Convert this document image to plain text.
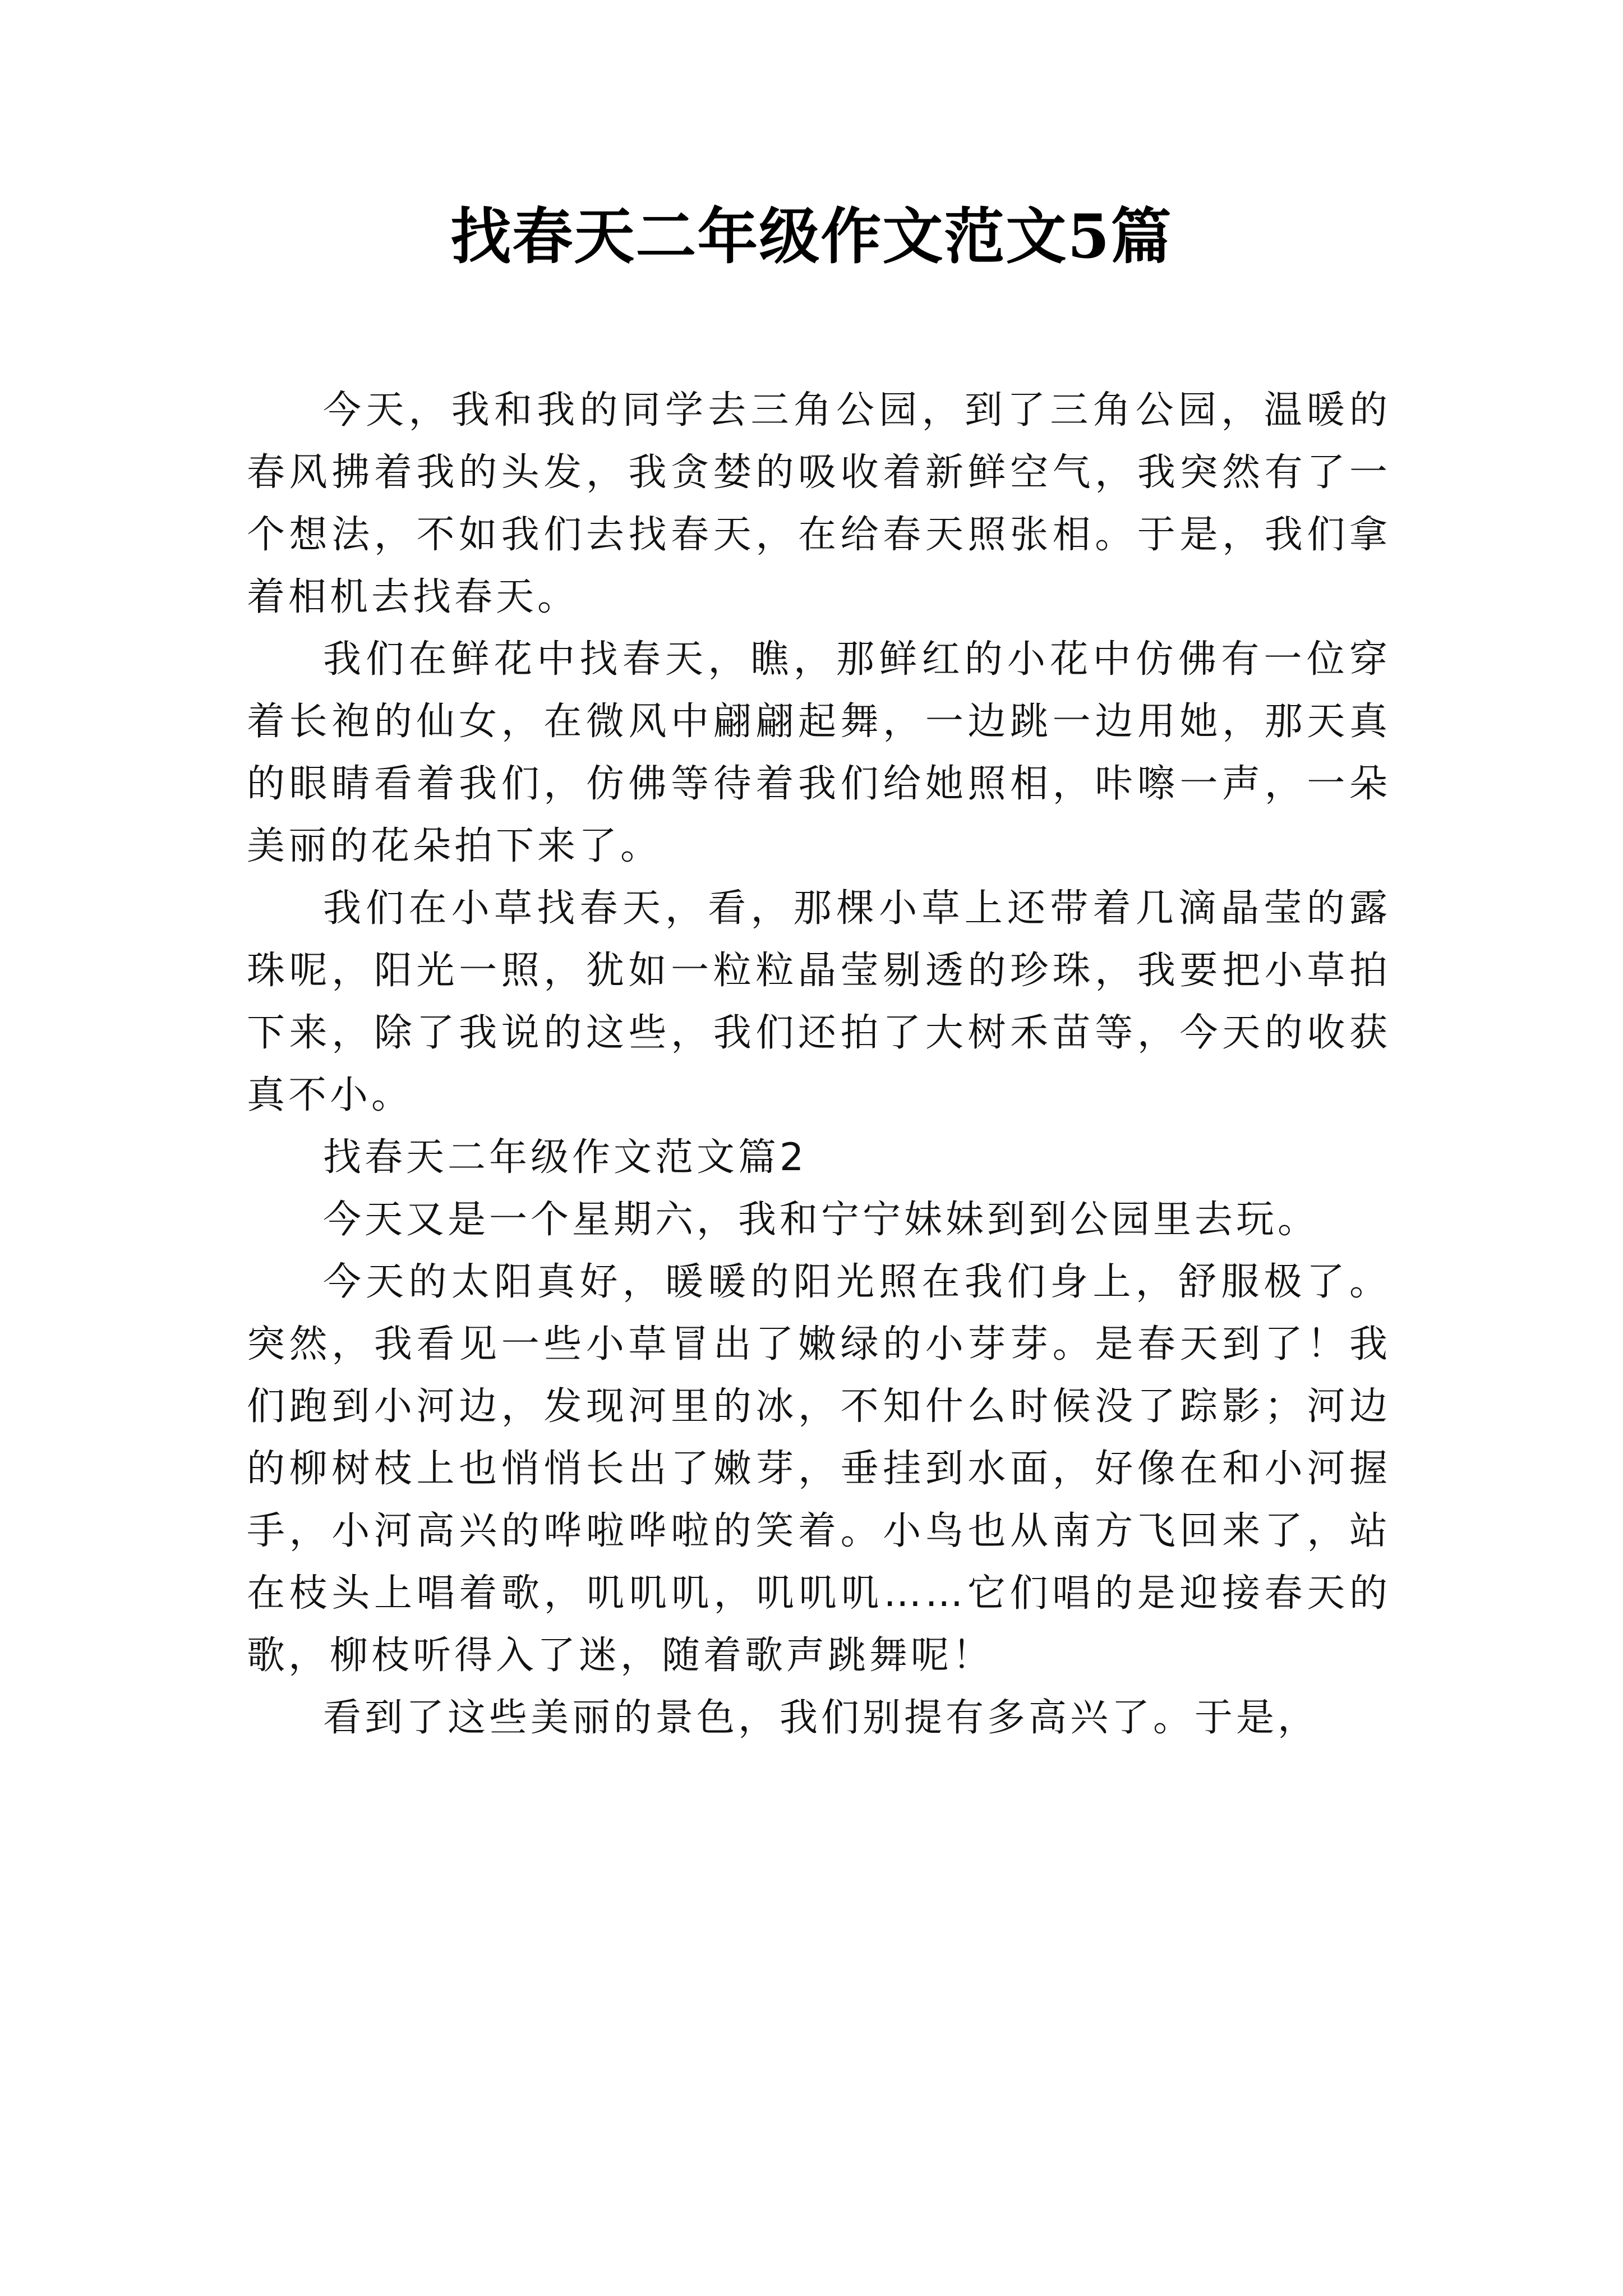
找春天二年级作文范文5篇

今天，我和我的同学去三角公园，到了三角公园，温暖的春风拂着我的头发，我贪婪的吸收着新鲜空气，我突然有了一个想法，不如我们去找春天，在给春天照张相。于是，我们拿着相机去找春天。

我们在鲜花中找春天，瞧，那鲜红的小花中仿佛有一位穿着长袍的仙女，在微风中翩翩起舞，一边跳一边用她，那天真的眼睛看着我们，仿佛等待着我们给她照相，咔嚓一声，一朵美丽的花朵拍下来了。

我们在小草找春天，看，那棵小草上还带着几滴晶莹的露珠呢，阳光一照，犹如一粒粒晶莹剔透的珍珠，我要把小草拍下来，除了我说的这些，我们还拍了大树禾苗等，今天的收获真不小。

找春天二年级作文范文篇2

今天又是一个星期六，我和宁宁妹妹到到公园里去玩。

今天的太阳真好，暖暖的阳光照在我们身上，舒服极了。突然，我看见一些小草冒出了嫩绿的小芽芽。是春天到了！我们跑到小河边，发现河里的冰，不知什么时候没了踪影；河边的柳树枝上也悄悄长出了嫩芽，垂挂到水面，好像在和小河握手，小河高兴的哗啦哗啦的笑着。小鸟也从南方飞回来了，站在枝头上唱着歌，叽叽叽，叽叽叽……它们唱的是迎接春天的歌，柳枝听得入了迷，随着歌声跳舞呢！

看到了这些美丽的景色，我们别提有多高兴了。于是，
